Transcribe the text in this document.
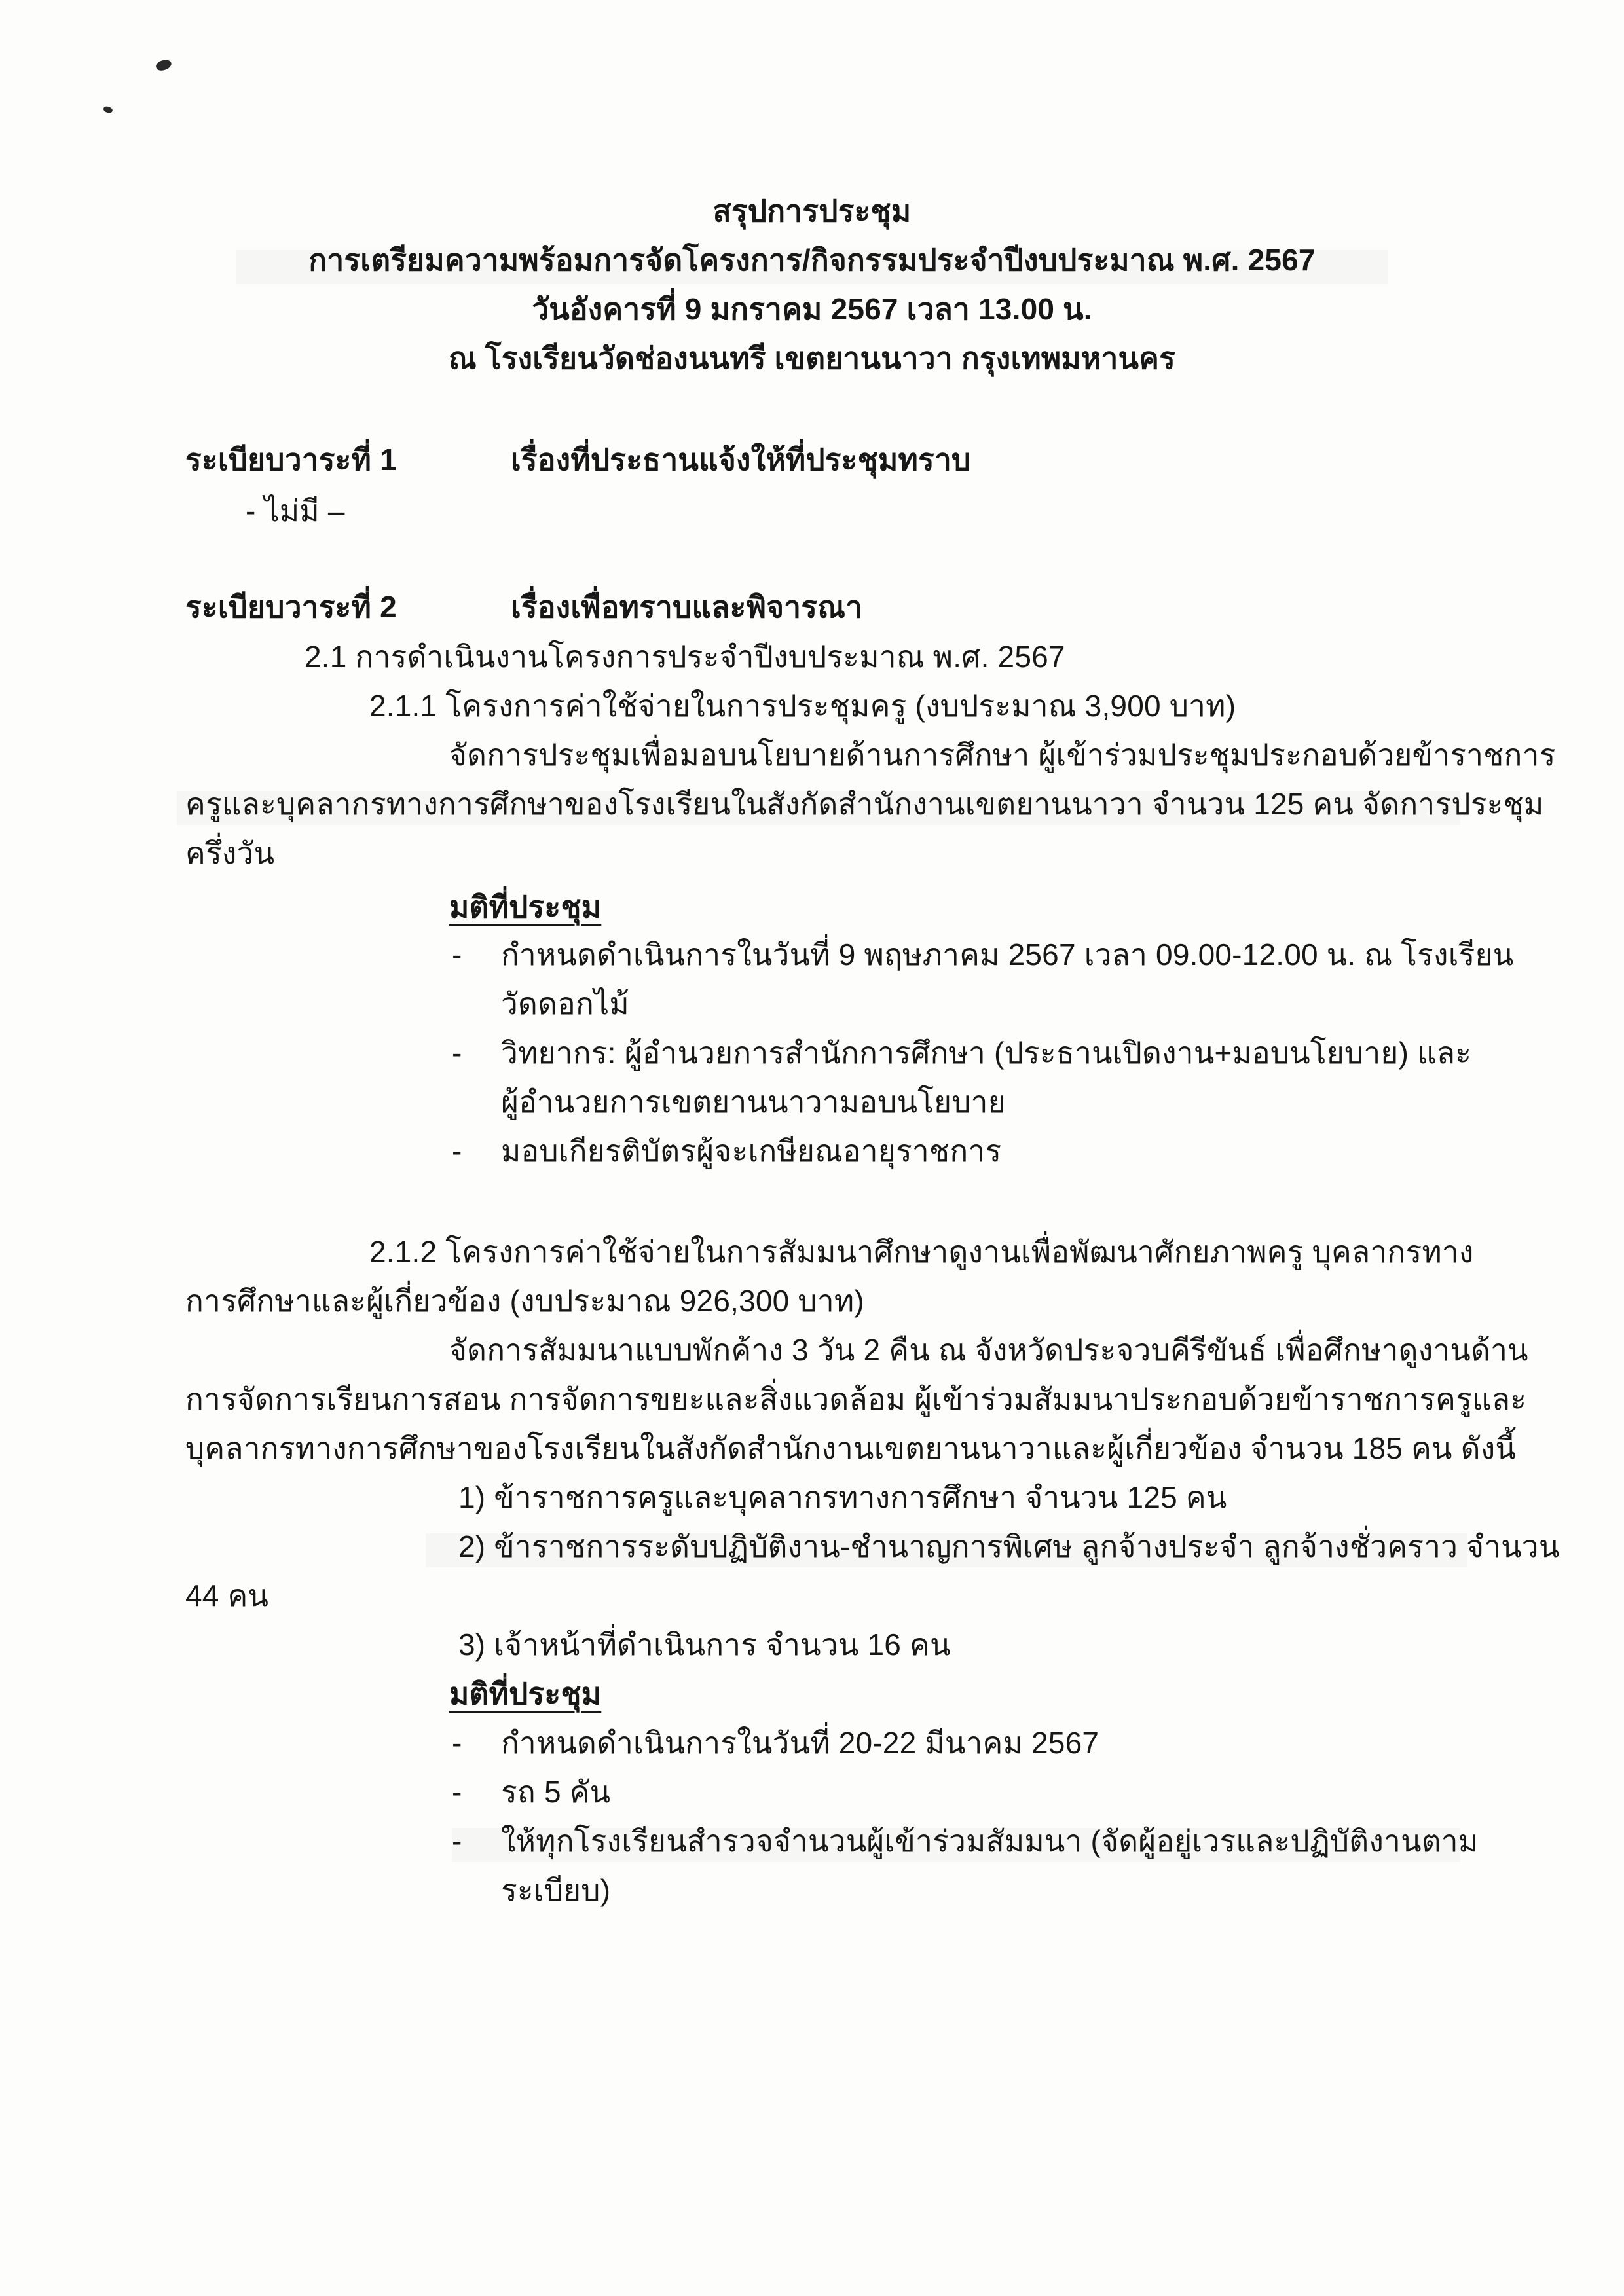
สรุปการประชุม
การเตรียมความพร้อมการจัดโครงการ/กิจกรรมประจำปีงบประมาณ พ.ศ. 2567
วันอังคารที่ 9 มกราคม 2567 เวลา 13.00 น.
ณ โรงเรียนวัดช่องนนทรี เขตยานนาวา กรุงเทพมหานคร
ระเบียบวาระที่ 1	เรื่องที่ประธานแจ้งให้ที่ประชุมทราบ
- ไม่มี –
ระเบียบวาระที่ 2	เรื่องเพื่อทราบและพิจารณา
2.1 การดำเนินงานโครงการประจำปีงบประมาณ พ.ศ. 2567
2.1.1 โครงการค่าใช้จ่ายในการประชุมครู (งบประมาณ 3,900 บาท)
จัดการประชุมเพื่อมอบนโยบายด้านการศึกษา ผู้เข้าร่วมประชุมประกอบด้วยข้าราชการ
ครูและบุคลากรทางการศึกษาของโรงเรียนในสังกัดสำนักงานเขตยานนาวา จำนวน 125 คน จัดการประชุม
ครึ่งวัน
มติที่ประชุม
- กำหนดดำเนินการในวันที่ 9 พฤษภาคม 2567 เวลา 09.00-12.00 น. ณ โรงเรียน
วัดดอกไม้
- วิทยากร: ผู้อำนวยการสำนักการศึกษา (ประธานเปิดงาน+มอบนโยบาย) และ
ผู้อำนวยการเขตยานนาวามอบนโยบาย
- มอบเกียรติบัตรผู้จะเกษียณอายุราชการ
2.1.2 โครงการค่าใช้จ่ายในการสัมมนาศึกษาดูงานเพื่อพัฒนาศักยภาพครู บุคลากรทาง
การศึกษาและผู้เกี่ยวข้อง (งบประมาณ 926,300 บาท)
จัดการสัมมนาแบบพักค้าง 3 วัน 2 คืน ณ จังหวัดประจวบคีรีขันธ์ เพื่อศึกษาดูงานด้าน
การจัดการเรียนการสอน การจัดการขยะและสิ่งแวดล้อม ผู้เข้าร่วมสัมมนาประกอบด้วยข้าราชการครูและ
บุคลากรทางการศึกษาของโรงเรียนในสังกัดสำนักงานเขตยานนาวาและผู้เกี่ยวข้อง จำนวน 185 คน ดังนี้
1) ข้าราชการครูและบุคลากรทางการศึกษา จำนวน 125 คน
2) ข้าราชการระดับปฏิบัติงาน-ชำนาญการพิเศษ ลูกจ้างประจำ ลูกจ้างชั่วคราว จำนวน
44 คน
3) เจ้าหน้าที่ดำเนินการ จำนวน 16 คน
มติที่ประชุม
- กำหนดดำเนินการในวันที่ 20-22 มีนาคม 2567
- รถ 5 คัน
- ให้ทุกโรงเรียนสำรวจจำนวนผู้เข้าร่วมสัมมนา (จัดผู้อยู่เวรและปฏิบัติงานตาม
ระเบียบ)
